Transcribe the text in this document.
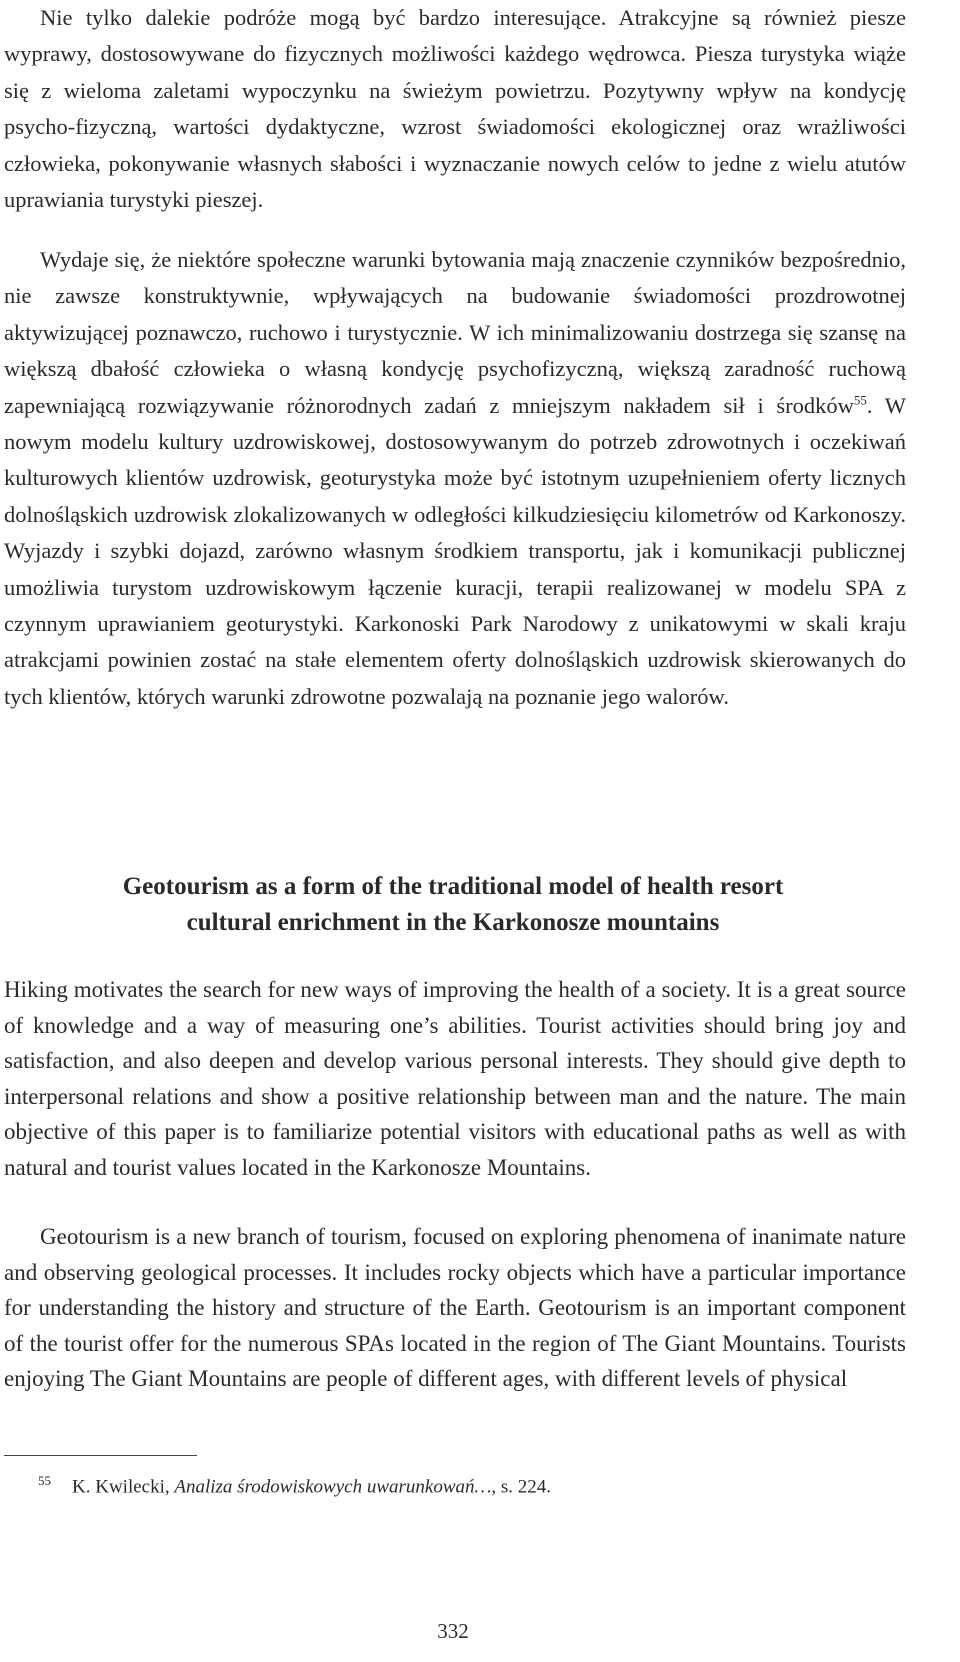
Nie tylko dalekie podróże mogą być bardzo interesujące. Atrakcyjne są również piesze wyprawy, dostosowywane do fizycznych możliwości każdego wędrowca. Piesza turystyka wiąże się z wieloma zaletami wypoczynku na świeżym powietrzu. Pozytywny wpływ na kondycję psycho-fizyczną, wartości dydaktyczne, wzrost świadomości ekologicznej oraz wrażliwości człowieka, pokonywanie własnych słabości i wyznaczanie nowych celów to jedne z wielu atutów uprawiania turystyki pieszej.

Wydaje się, że niektóre społeczne warunki bytowania mają znaczenie czynników bezpośrednio, nie zawsze konstruktywnie, wpływających na budowanie świadomości prozdrowotnej aktywizującej poznawczo, ruchowo i turystycznie. W ich minimalizowaniu dostrzega się szansę na większą dbałość człowieka o własną kondycję psychofizyczną, większą zaradność ruchową zapewniającą rozwiązywanie różnorodnych zadań z mniejszym nakładem sił i środków$^{55}$. W nowym modelu kultury uzdrowiskowej, dostosowywanym do potrzeb zdrowotnych i oczekiwań kulturowych klientów uzdrowisk, geoturystyka może być istotnym uzupełnieniem oferty licznych dolnośląskich uzdrowisk zlokalizowanych w odległości kilkudziesięciu kilometrów od Karkonoszy. Wyjazdy i szybki dojazd, zarówno własnym środkiem transportu, jak i komunikacji publicznej umożliwia turystom uzdrowiskowym łączenie kuracji, terapii realizowanej w modelu SPA z czynnym uprawianiem geoturystyki. Karkonoski Park Narodowy z unikatowymi w skali kraju atrakcjami powinien zostać na stałe elementem oferty dolnośląskich uzdrowisk skierowanych do tych klientów, których warunki zdrowotne pozwalają na poznanie jego walorów.

Geotourism as a form of the traditional model of health resort
cultural enrichment in the Karkonosze mountains

Hiking motivates the search for new ways of improving the health of a society. It is a great source of knowledge and a way of measuring one’s abilities. Tourist activities should bring joy and satisfaction, and also deepen and develop various personal interests. They should give depth to interpersonal relations and show a positive relationship between man and the nature. The main objective of this paper is to familiarize potential visitors with educational paths as well as with natural and tourist values located in the Karkonosze Mountains.

Geotourism is a new branch of tourism, focused on exploring phenomena of inanimate nature and observing geological processes. It includes rocky objects which have a particular importance for understanding the history and structure of the Earth. Geotourism is an important component of the tourist offer for the numerous SPAs located in the region of The Giant Mountains. Tourists enjoying The Giant Mountains are people of different ages, with different levels of physical

55 K. Kwilecki, Analiza środowiskowych uwarunkowań…, s. 224.

332
